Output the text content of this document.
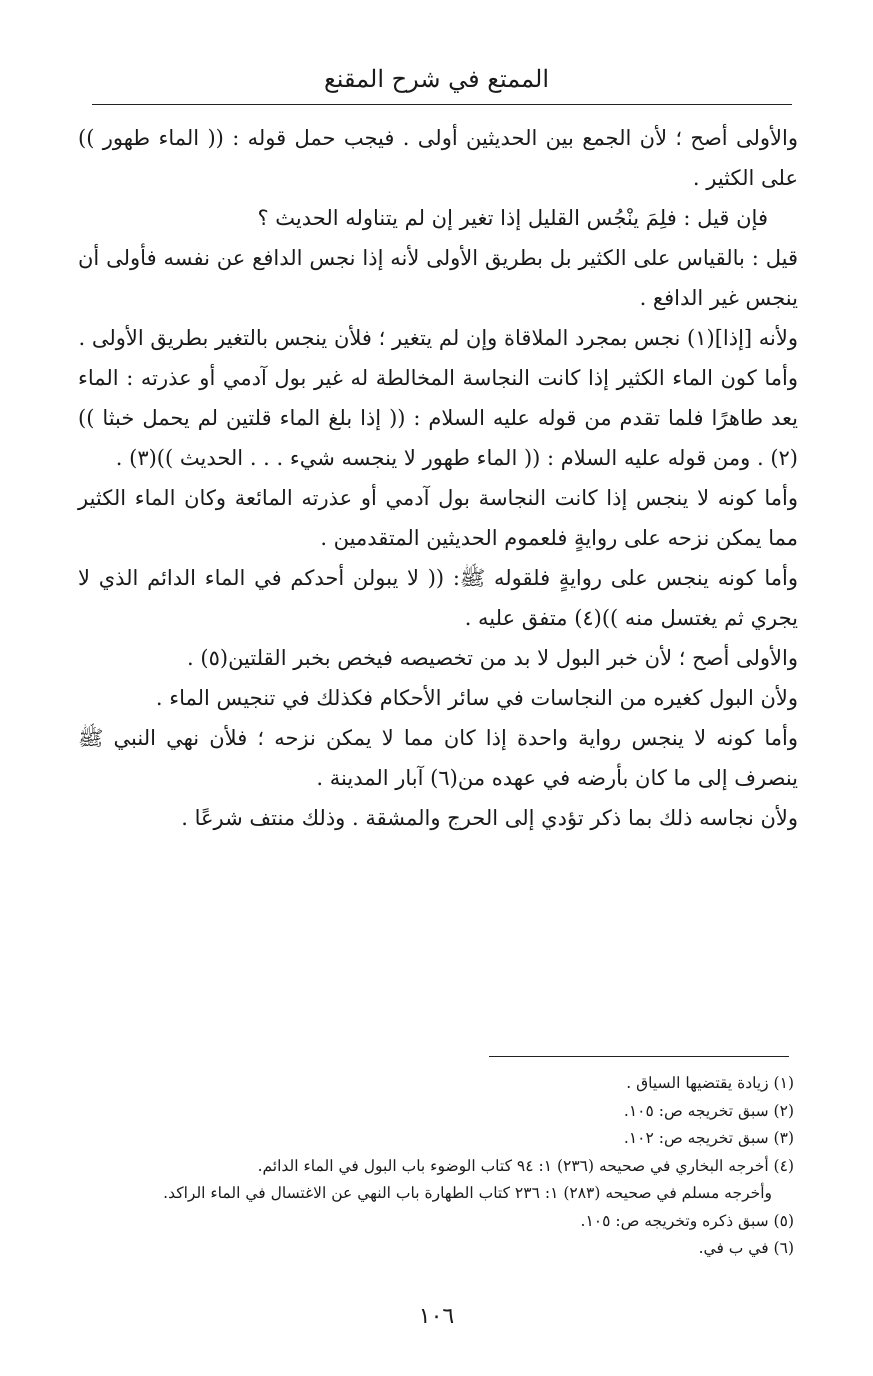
الممتع في شرح المقنع

والأولى أصح ؛ لأن الجمع بين الحديثين أولى . فيجب حمل قوله : (( الماء طهور )) على الكثير .

فإن قيل : فلِمَ ينْجُس القليل إذا تغير إن لم يتناوله الحديث ؟

قيل : بالقياس على الكثير بل بطريق الأولى لأنه إذا نجس الدافع عن نفسه فأولى أن ينجس غير الدافع .

ولأنه [إذا](١) نجس بمجرد الملاقاة وإن لم يتغير ؛ فلأن ينجس بالتغير بطريق الأولى .

وأما كون الماء الكثير إذا كانت النجاسة المخالطة له غير بول آدمي أو عذرته : الماء يعد طاهرًا فلما تقدم من قوله عليه السلام : (( إذا بلغ الماء قلتين لم يحمل خبثا ))(٢) . ومن قوله عليه السلام : (( الماء طهور لا ينجسه شيء . . . الحديث ))(٣) .

وأما كونه لا ينجس إذا كانت النجاسة بول آدمي أو عذرته المائعة وكان الماء الكثير مما يمكن نزحه على روايةٍ فلعموم الحديثين المتقدمين .

وأما كونه ينجس على روايةٍ فلقوله ﷺ: (( لا يبولن أحدكم في الماء الدائم الذي لا يجري ثم يغتسل منه ))(٤) متفق عليه .

والأولى أصح ؛ لأن خبر البول لا بد من تخصيصه فيخص بخبر القلتين(٥) .

ولأن البول كغيره من النجاسات في سائر الأحكام فكذلك في تنجيس الماء .

وأما كونه لا ينجس رواية واحدة إذا كان مما لا يمكن نزحه ؛ فلأن نهي النبي ﷺ ينصرف إلى ما كان بأرضه في عهده من(٦) آبار المدينة .

ولأن نجاسه ذلك بما ذكر تؤدي إلى الحرج والمشقة . وذلك منتف شرعًا .

(١) زيادة يقتضيها السياق .

(٢) سبق تخريجه ص: ١٠٥.

(٣) سبق تخريجه ص: ١٠٢.

(٤) أخرجه البخاري في صحيحه (٢٣٦) ١: ٩٤ كتاب الوضوء باب البول في الماء الدائم.

وأخرجه مسلم في صحيحه (٢٨٣) ١: ٢٣٦ كتاب الطهارة باب النهي عن الاغتسال في الماء الراكد.

(٥) سبق ذكره وتخريجه ص: ١٠٥.

(٦) في ب في.

١٠٦
